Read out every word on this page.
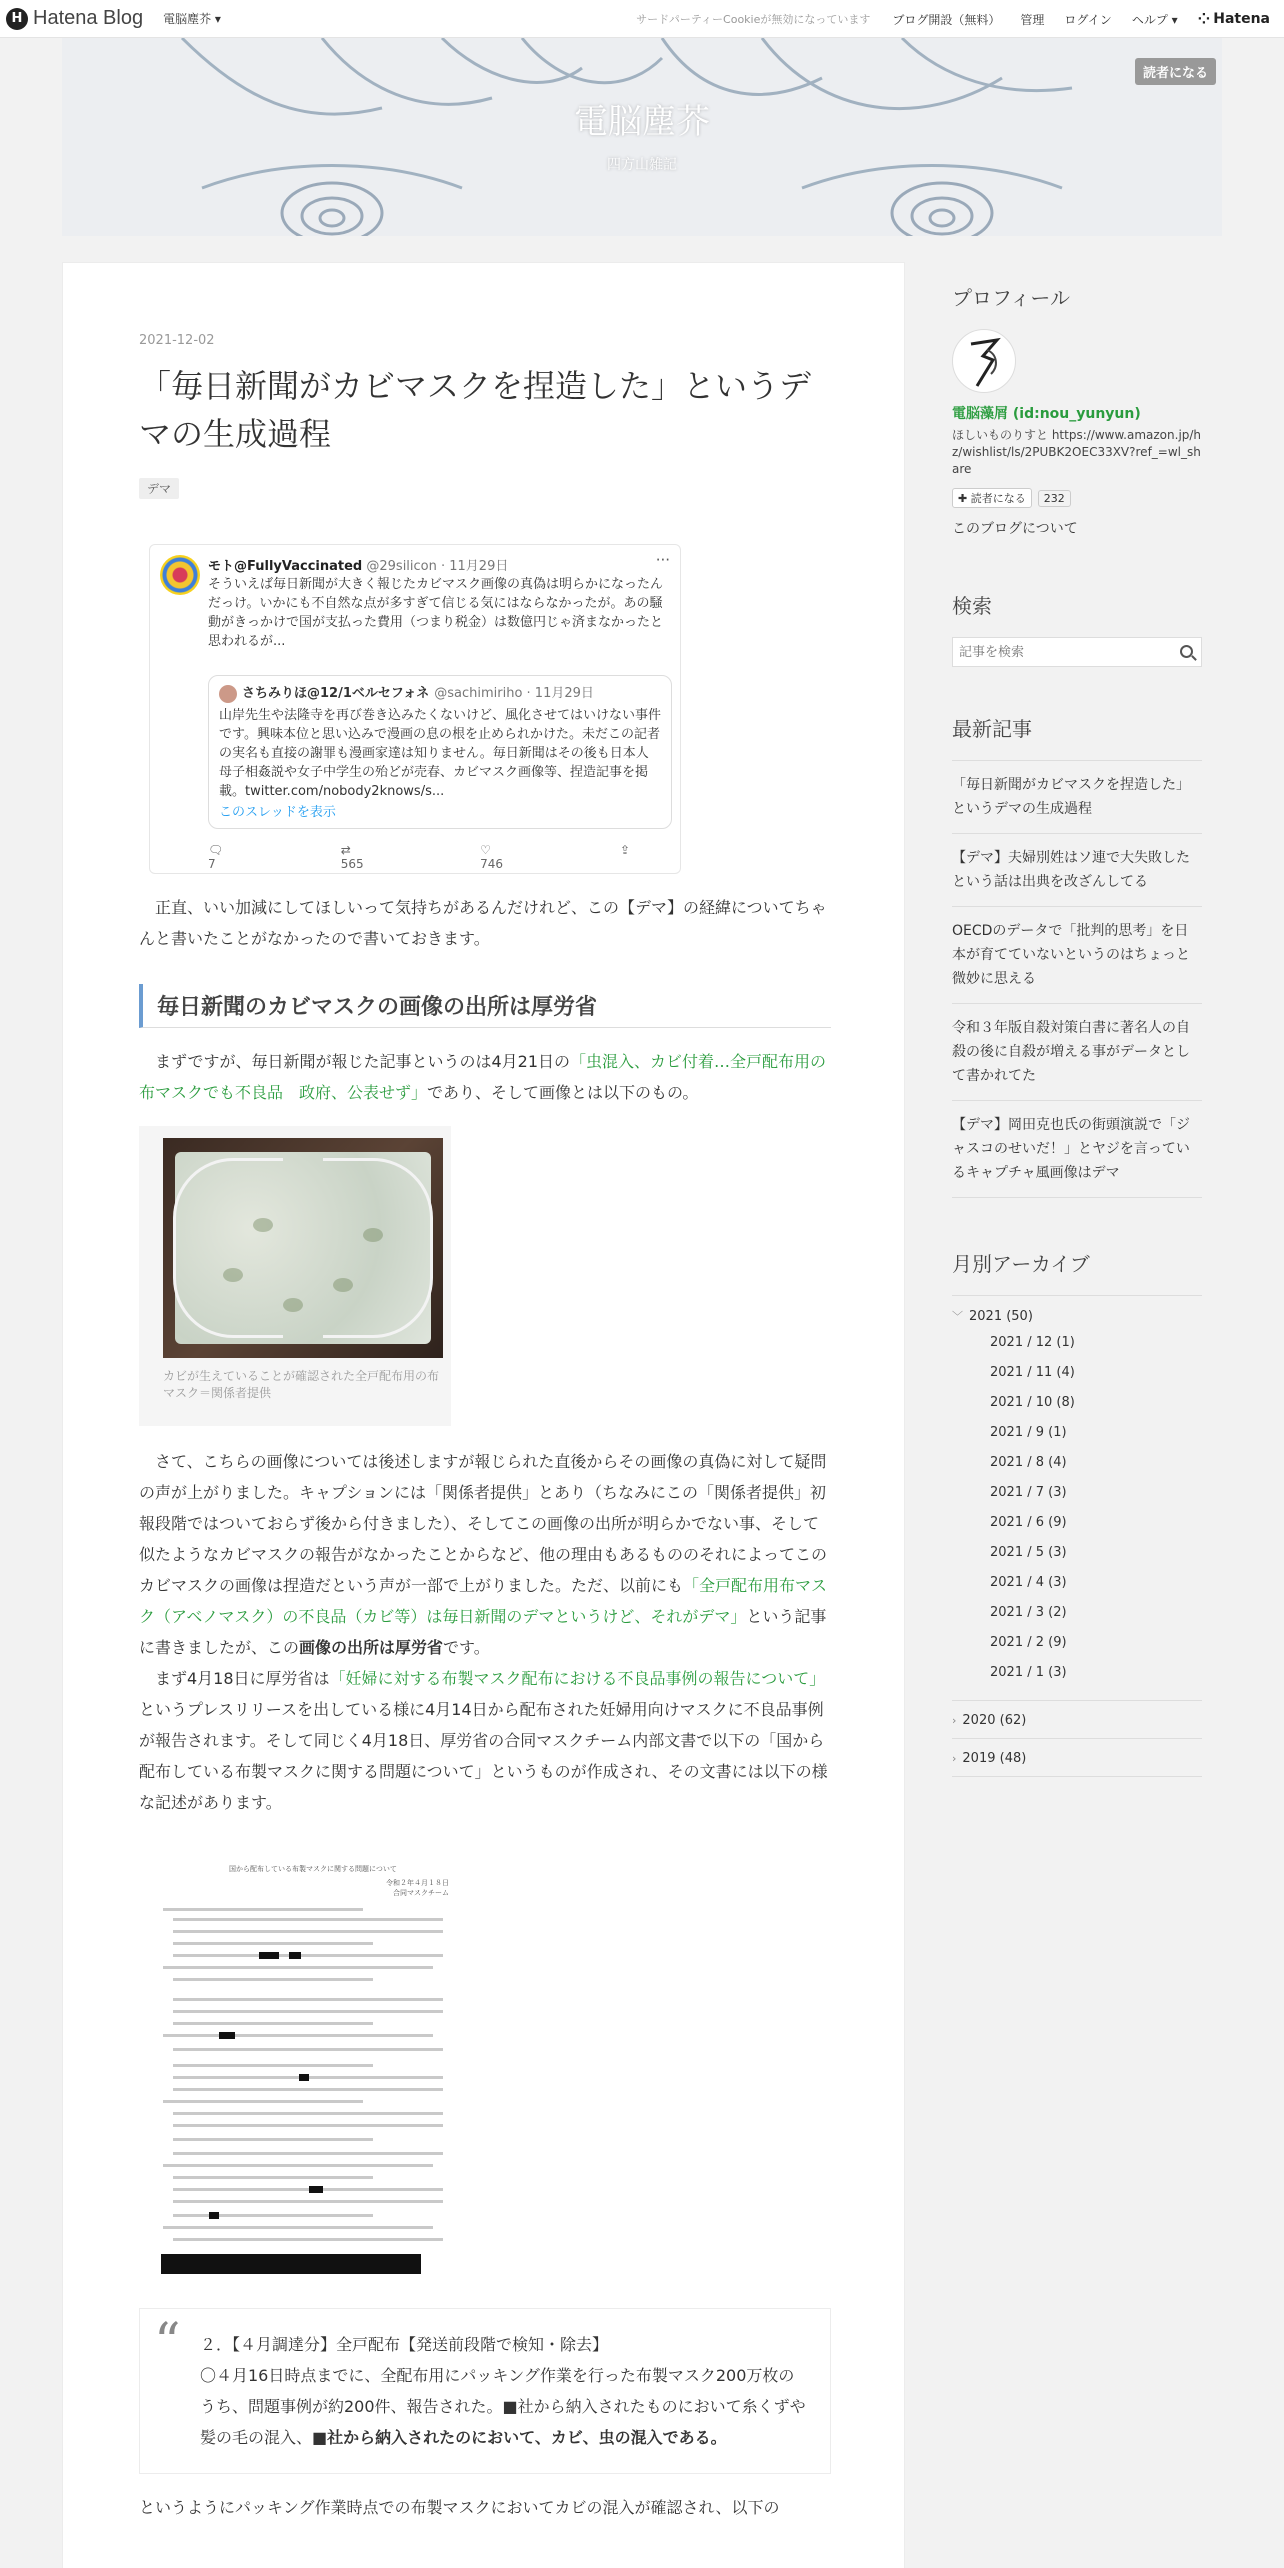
H Hatena Blog 電脳塵芥 ▾	サードパーティーCookieが無効になっています ブログ開設（無料） 管理 ログイン ヘルプ ▾ ⁘ Hatena
電脳塵芥
四方山雑記
読者になる
2021-12-02
「毎日新聞がカビマスクを捏造した」というデマの生成過程
デマ
モト@FullyVaccinated @29silicon · 11月29日	···
そういえば毎日新聞が大きく報じたカビマスク画像の真偽は明らかになったんだっけ。いかにも不自然な点が多すぎて信じる気にはならなかったが。あの騒動がきっかけで国が支払った費用（つまり税金）は数億円じゃ済まなかったと思われるが...
さちみりほ@12/1ベルセフォネ @sachimiriho · 11月29日
山岸先生や法隆寺を再び巻き込みたくないけど、風化させてはいけない事件です。興味本位と思い込みで漫画の息の根を止められかけた。未だこの記者の実名も直接の謝罪も漫画家達は知りません。毎日新聞はその後も日本人母子相姦説や女子中学生の殆どが売春、カビマスク画像等、捏造記事を掲載。twitter.com/nobody2knows/s...
このスレッドを表示
🗨 7
⇄ 565
♡ 746
⇪

正直、いい加減にしてほしいって気持ちがあるんだけれど、この【デマ】の経緯についてちゃんと書いたことがなかったので書いておきます。

毎日新聞のカビマスクの画像の出所は厚労省

まずですが、毎日新聞が報じた記事というのは4月21日の「虫混入、カビ付着…全戸配布用の布マスクでも不良品　政府、公表せず」であり、そして画像とは以下のもの。

カビが生えていることが確認された全戸配布用の布マスク＝関係者提供

さて、こちらの画像については後述しますが報じられた直後からその画像の真偽に対して疑問の声が上がりました。キャプションには「関係者提供」とあり（ちなみにこの「関係者提供」初報段階ではついておらず後から付きました）、そしてこの画像の出所が明らかでない事、そして似たようなカビマスクの報告がなかったことからなど、他の理由もあるもののそれによってこのカビマスクの画像は捏造だという声が一部で上がりました。ただ、以前にも「全戸配布用布マスク（アベノマスク）の不良品（カビ等）は毎日新聞のデマというけど、それがデマ」という記事に書きましたが、この画像の出所は厚労省です。

まず4月18日に厚労省は「妊婦に対する布製マスク配布における不良品事例の報告について」というプレスリリースを出している様に4月14日から配布された妊婦用向けマスクに不良品事例が報告されます。そして同じく4月18日、厚労省の合同マスクチーム内部文書で以下の「国から配布している布製マスクに関する問題について」というものが作成され、その文書には以下の様な記述があります。

国から配布している布製マスクに関する問題について
令和２年４月１８日
合同マスクチーム
“ ２．【４月調達分】全戸配布【発送前段階で検知・除去】
〇４月16日時点までに、全配布用にパッキング作業を行った布製マスク200万枚のうち、問題事例が約200件、報告された。■社から納入されたものにおいて糸くずや髪の毛の混入、■社から納入されたのにおいて、カビ、虫の混入である。

というようにパッキング作業時点での布製マスクにおいてカビの混入が確認され、以下の

プロフィール
電脳藻屑 (id:nou_yunyun)
ほしいものりすと https://www.amazon.jp/hz/wishlist/ls/2PUBK2OEC33XV?ref_=wl_share
✚ 読者になる	232
このブログについて
検索
記事を検索
最新記事
「毎日新聞がカビマスクを捏造した」というデマの生成過程
【デマ】夫婦別姓はソ連で大失敗したという話は出典を改ざんしてる
OECDのデータで「批判的思考」を日本が育てていないというのはちょっと微妙に思える
令和３年版自殺対策白書に著名人の自殺の後に自殺が増える事がデータとして書かれてた
【デマ】岡田克也氏の街頭演説で「ジャスコのせいだ！」とヤジを言っているキャプチャ風画像はデマ
月別アーカイブ
﹀ 2021 (50)
2021 / 12 (1)
2021 / 11 (4)
2021 / 10 (8)
2021 / 9 (1)
2021 / 8 (4)
2021 / 7 (3)
2021 / 6 (9)
2021 / 5 (3)
2021 / 4 (3)
2021 / 3 (2)
2021 / 2 (9)
2021 / 1 (3)
› 2020 (62)
› 2019 (48)
